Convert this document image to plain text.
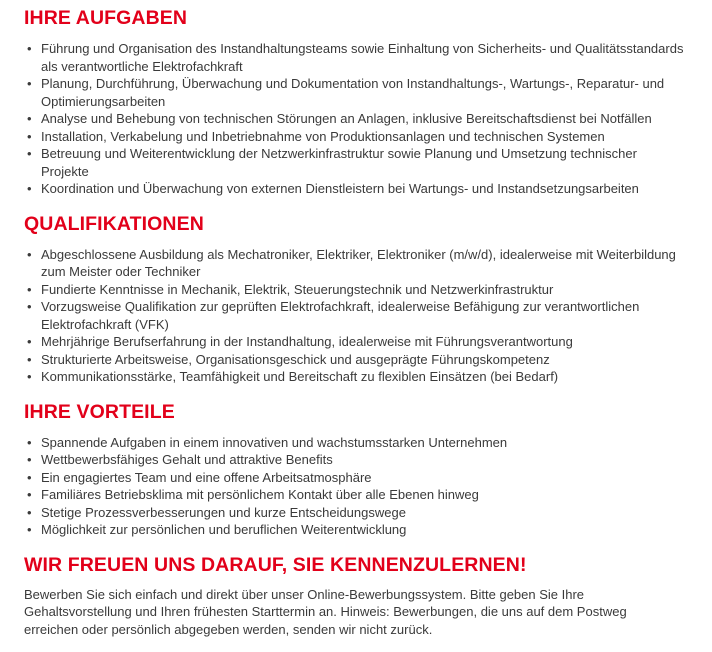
IHRE AUFGABEN
• Führung und Organisation des Instandhaltungsteams sowie Einhaltung von Sicherheits- und Qualitätsstandards als verantwortliche Elektrofachkraft
• Planung, Durchführung, Überwachung und Dokumentation von Instandhaltungs-, Wartungs-, Reparatur- und Optimierungsarbeiten
• Analyse und Behebung von technischen Störungen an Anlagen, inklusive Bereitschaftsdienst bei Notfällen
• Installation, Verkabelung und Inbetriebnahme von Produktionsanlagen und technischen Systemen
• Betreuung und Weiterentwicklung der Netzwerkinfrastruktur sowie Planung und Umsetzung technischer Projekte
• Koordination und Überwachung von externen Dienstleistern bei Wartungs- und Instandsetzungsarbeiten
QUALIFIKATIONEN
• Abgeschlossene Ausbildung als Mechatroniker, Elektriker, Elektroniker (m/w/d), idealerweise mit Weiterbildung zum Meister oder Techniker
• Fundierte Kenntnisse in Mechanik, Elektrik, Steuerungstechnik und Netzwerkinfrastruktur
• Vorzugsweise Qualifikation zur geprüften Elektrofachkraft, idealerweise Befähigung zur verantwortlichen Elektrofachkraft (VFK)
• Mehrjährige Berufserfahrung in der Instandhaltung, idealerweise mit Führungsverantwortung
• Strukturierte Arbeitsweise, Organisationsgeschick und ausgeprägte Führungskompetenz
• Kommunikationsstärke, Teamfähigkeit und Bereitschaft zu flexiblen Einsätzen (bei Bedarf)
IHRE VORTEILE
• Spannende Aufgaben in einem innovativen und wachstumsstarken Unternehmen
• Wettbewerbsfähiges Gehalt und attraktive Benefits
• Ein engagiertes Team und eine offene Arbeitsatmosphäre
• Familiäres Betriebsklima mit persönlichem Kontakt über alle Ebenen hinweg
• Stetige Prozessverbesserungen und kurze Entscheidungswege
• Möglichkeit zur persönlichen und beruflichen Weiterentwicklung
WIR FREUEN UNS DARAUF, SIE KENNENZULERNEN!

Bewerben Sie sich einfach und direkt über unser Online-Bewerbungssystem. Bitte geben Sie Ihre Gehaltsvorstellung und Ihren frühesten Starttermin an. Hinweis: Bewerbungen, die uns auf dem Postweg erreichen oder persönlich abgegeben werden, senden wir nicht zurück.
